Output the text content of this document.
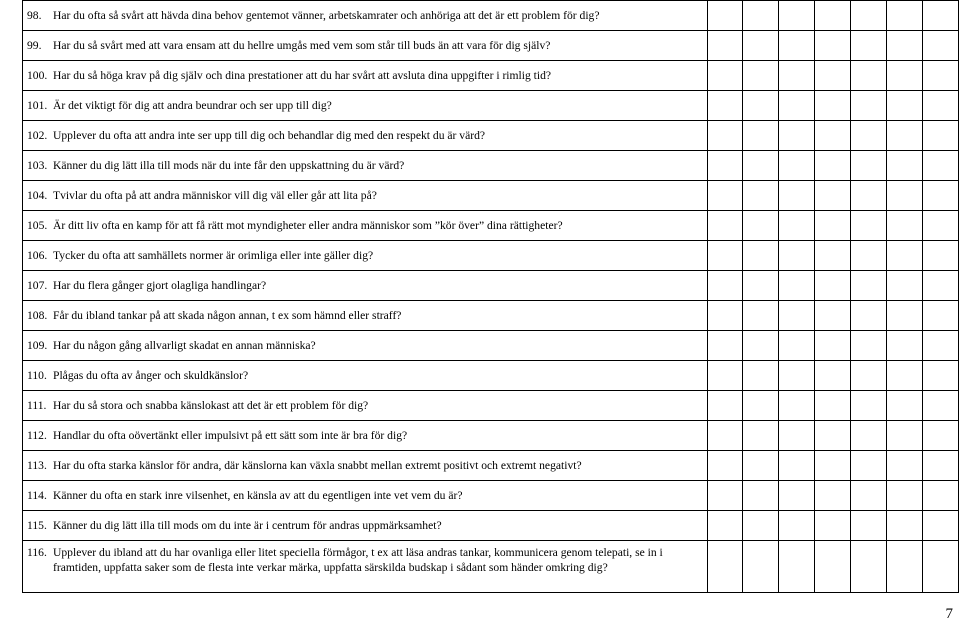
98. Har du ofta så svårt att hävda dina behov gentemot vänner, arbetskamrater och anhöriga att det är ett problem för dig?							

99. Har du så svårt med att vara ensam att du hellre umgås med vem som står till buds än att vara för dig själv?							

100. Har du så höga krav på dig själv och dina prestationer att du har svårt att avsluta dina uppgifter i rimlig tid?							

101. Är det viktigt för dig att andra beundrar och ser upp till dig?							

102. Upplever du ofta att andra inte ser upp till dig och behandlar dig med den respekt du är värd?							

103. Känner du dig lätt illa till mods när du inte får den uppskattning du är värd?							

104. Tvivlar du ofta på att andra människor vill dig väl eller går att lita på?							

105. Är ditt liv ofta en kamp för att få rätt mot myndigheter eller andra människor som ”kör över” dina rättigheter?							

106. Tycker du ofta att samhällets normer är orimliga eller inte gäller dig?							

107. Har du flera gånger gjort olagliga handlingar?							

108. Får du ibland tankar på att skada någon annan, t ex som hämnd eller straff?							

109. Har du någon gång allvarligt skadat en annan människa?							

110. Plågas du ofta av ånger och skuldkänslor?							

111. Har du så stora och snabba känslokast att det är ett problem för dig?							

112. Handlar du ofta oövertänkt eller impulsivt på ett sätt som inte är bra för dig?							

113. Har du ofta starka känslor för andra, där känslorna kan växla snabbt mellan extremt positivt och extremt negativt?							

114. Känner du ofta en stark inre vilsenhet, en känsla av att du egentligen inte vet vem du är?							

115. Känner du dig lätt illa till mods om du inte är i centrum för andras uppmärksamhet?							

116. Upplever du ibland att du har ovanliga eller litet speciella förmågor, t ex att läsa andras tankar, kommunicera genom telepati, se in i framtiden, uppfatta saker som de flesta inte verkar märka, uppfatta särskilda budskap i sådant som händer omkring dig?							

7
